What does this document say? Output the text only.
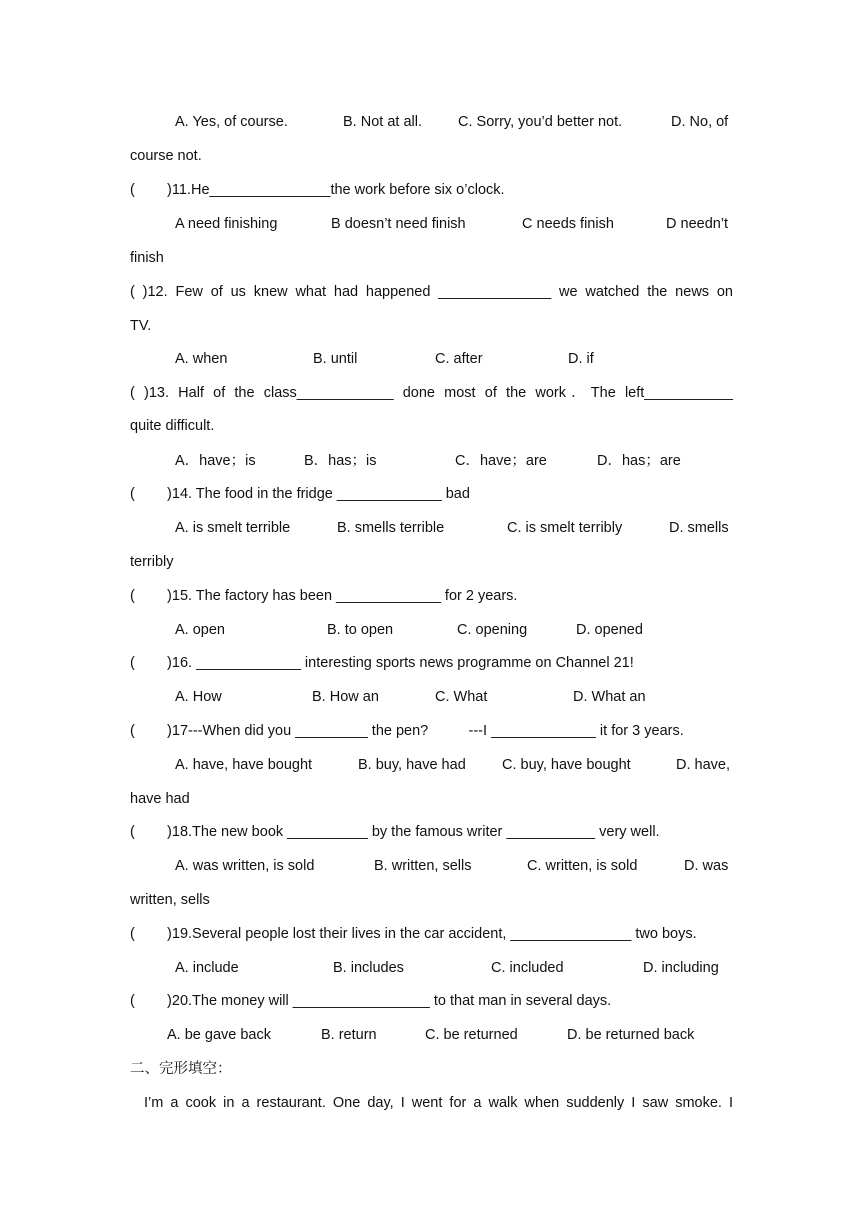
A. Yes, of course.	B. Not at all. C. Sorry, you’d better not.	D. No, of
course not.
(        )11.He_______________the work before six o’clock.
A need finishing	B doesn’t need finish	C needs finish	D needn’t
finish
( )12. Few of us knew what had happened ______________ we watched the news on
TV.
A. when	B. until	C. after	D. if
( )13. Half of the class____________ done most of the work．The left___________
quite difficult.
A．have；is	B．has；is	C．have；are	D．has；are
(        )14. The food in the fridge _____________ bad
A. is smelt terrible	B. smells terrible	C. is smelt terribly	D. smells
terribly
(        )15. The factory has been _____________ for 2 years.
A. open	B. to open	C. opening	D. opened
(        )16. _____________ interesting sports news programme on Channel 21!
A. How	B. How an	C. What	D. What an
(        )17---When did you _________ the pen?          ---I _____________ it for 3 years.
A. have, have bought	B. buy, have had C. buy, have bought	D. have,
have had
(        )18.The new book __________ by the famous writer ___________ very well.
A. was written, is sold	B. written, sells	C. written, is sold	D. was
written, sells
(        )19.Several people lost their lives in the car accident, _______________ two boys.
A. include	B. includes	C. included	D. including
(        )20.The money will _________________ to that man in several days.
A. be gave back	B. return	C. be returned	D. be returned back
二、完形填空：
I’m a cook in a restaurant. One day, I went for a walk when suddenly I saw smoke. I
